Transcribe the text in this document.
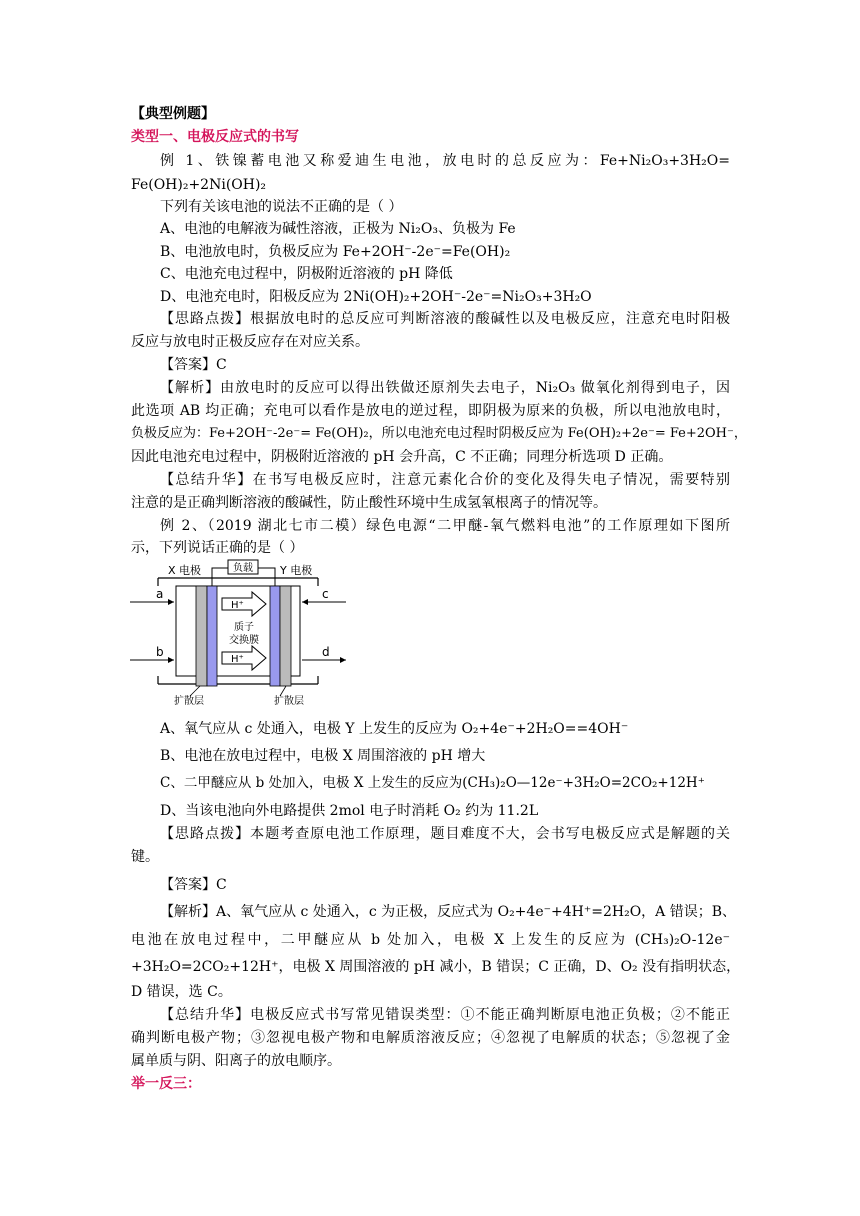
【典型例题】
类型一、电极反应式的书写
例 1、铁镍蓄电池又称爱迪生电池，放电时的总反应为：Fe+Ni₂O₃+3H₂O=
Fe(OH)₂+2Ni(OH)₂
下列有关该电池的说法不正确的是（ ）
A、电池的电解液为碱性溶液，正极为 Ni₂O₃、负极为 Fe
B、电池放电时，负极反应为 Fe+2OH⁻-2e⁻=Fe(OH)₂
C、电池充电过程中，阴极附近溶液的 pH 降低
D、电池充电时，阳极反应为 2Ni(OH)₂+2OH⁻-2e⁻=Ni₂O₃+3H₂O
【思路点拨】根据放电时的总反应可判断溶液的酸碱性以及电极反应，注意充电时阳极
反应与放电时正极反应存在对应关系。
【答案】C
【解析】由放电时的反应可以得出铁做还原剂失去电子，Ni₂O₃ 做氧化剂得到电子，因
此选项 AB 均正确；充电可以看作是放电的逆过程，即阴极为原来的负极，所以电池放电时，
负极反应为：Fe+2OH⁻-2e⁻= Fe(OH)₂，所以电池充电过程时阴极反应为 Fe(OH)₂+2e⁻= Fe+2OH⁻，
因此电池充电过程中，阴极附近溶液的 pH 会升高，C 不正确；同理分析选项 D 正确。
【总结升华】在书写电极反应时，注意元素化合价的变化及得失电子情况，需要特别
注意的是正确判断溶液的酸碱性，防止酸性环境中生成氢氧根离子的情况等。
例 2、（2019 湖北七市二模）绿色电源“二甲醚-氧气燃料电池”的工作原理如下图所
示，下列说话正确的是（ ）
负载
X 电极	Y 电极
a
b
c
d
H⁺
H⁺
质子
交换膜
扩散层	扩散层
A、氧气应从 c 处通入，电极 Y 上发生的反应为 O₂+4e⁻+2H₂O==4OH⁻
B、电池在放电过程中，电极 X 周围溶液的 pH 增大
C、二甲醚应从 b 处加入，电极 X 上发生的反应为(CH₃)₂O—12e⁻+3H₂O=2CO₂+12H⁺
D、当该电池向外电路提供 2mol 电子时消耗 O₂ 约为 11.2L
【思路点拨】本题考查原电池工作原理，题目难度不大，会书写电极反应式是解题的关
键。
【答案】C
【解析】A、氧气应从 c 处通入，c 为正极，反应式为 O₂+4e⁻+4H⁺=2H₂O，A 错误；B、
电池在放电过程中，二甲醚应从 b 处加入，电极 X 上发生的反应为 (CH₃)₂O-12e⁻
+3H₂O=2CO₂+12H⁺，电极 X 周围溶液的 pH 减小，B 错误；C 正确，D、O₂ 没有指明状态，
D 错误，选 C。
【总结升华】电极反应式书写常见错误类型：①不能正确判断原电池正负极；②不能正
确判断电极产物；③忽视电极产物和电解质溶液反应；④忽视了电解质的状态；⑤忽视了金
属单质与阴、阳离子的放电顺序。
举一反三：
